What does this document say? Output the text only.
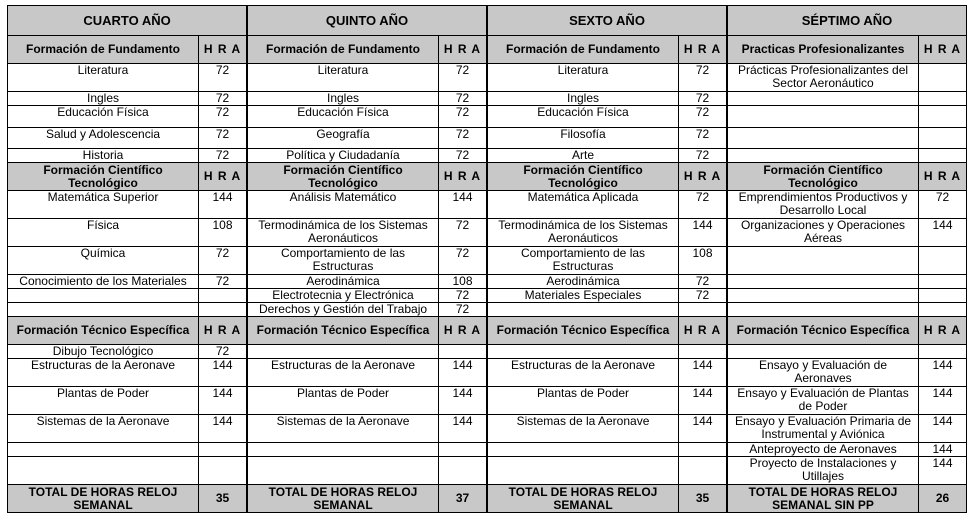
CUARTO AÑO	
Formación de Fundamento	H R A
Literatura	72
Ingles	72
Educación Física	72
Salud y Adolescencia	72
Historia	72
Formación Científico Tecnológico	H R A
Matemática Superior	144
Física	108
Química	72
Conocimiento de los Materiales	72

Formación Técnico Específica	H R A
Dibujo Tecnológico	72
Estructuras de la Aeronave	144
Plantas de Poder	144
Sistemas de la Aeronave	144

TOTAL DE HORAS RELOJ SEMANAL	35
QUINTO AÑO	
Formación de Fundamento	H R A
Literatura	72
Ingles	72
Educación Física	72
Geografía	72
Política y Ciudadanía	72
Formación Científico Tecnológico	H R A
Análisis Matemático	144
Termodinámica de los Sistemas Aeronáuticos	72
Comportamiento de las Estructuras	72
Aerodinámica	108
Electrotecnia y Electrónica	72
Derechos y Gestión del Trabajo	72
Formación Técnico Específica	H R A

Estructuras de la Aeronave	144
Plantas de Poder	144
Sistemas de la Aeronave	144

TOTAL DE HORAS RELOJ SEMANAL	37
SEXTO AÑO	
Formación de Fundamento	H R A
Literatura	72
Ingles	72
Educación Física	72
Filosofía	72
Arte	72
Formación Científico Tecnológico	H R A
Matemática Aplicada	72
Termodinámica de los Sistemas Aeronáuticos	144
Comportamiento de las Estructuras	108
Aerodinámica	72
Materiales Especiales	72

Formación Técnico Específica	H R A

Estructuras de la Aeronave	144
Plantas de Poder	144
Sistemas de la Aeronave	144

TOTAL DE HORAS RELOJ SEMANAL	35
SÉPTIMO AÑO	
Practicas Profesionalizantes	H R A
Prácticas Profesionalizantes del Sector Aeronáutico	

Formación Científico Tecnológico	H R A
Emprendimientos Productivos y Desarrollo Local	72
Organizaciones y Operaciones Aéreas	144

Formación Técnico Específica	H R A

Ensayo y Evaluación de Aeronaves	144
Ensayo y Evaluación de Plantas de Poder	144
Ensayo y Evaluación Primaria de Instrumental y Aviónica	144
Anteproyecto de Aeronaves	144
Proyecto de Instalaciones y Utillajes	144
TOTAL DE HORAS RELOJ SEMANAL SIN PP	26
